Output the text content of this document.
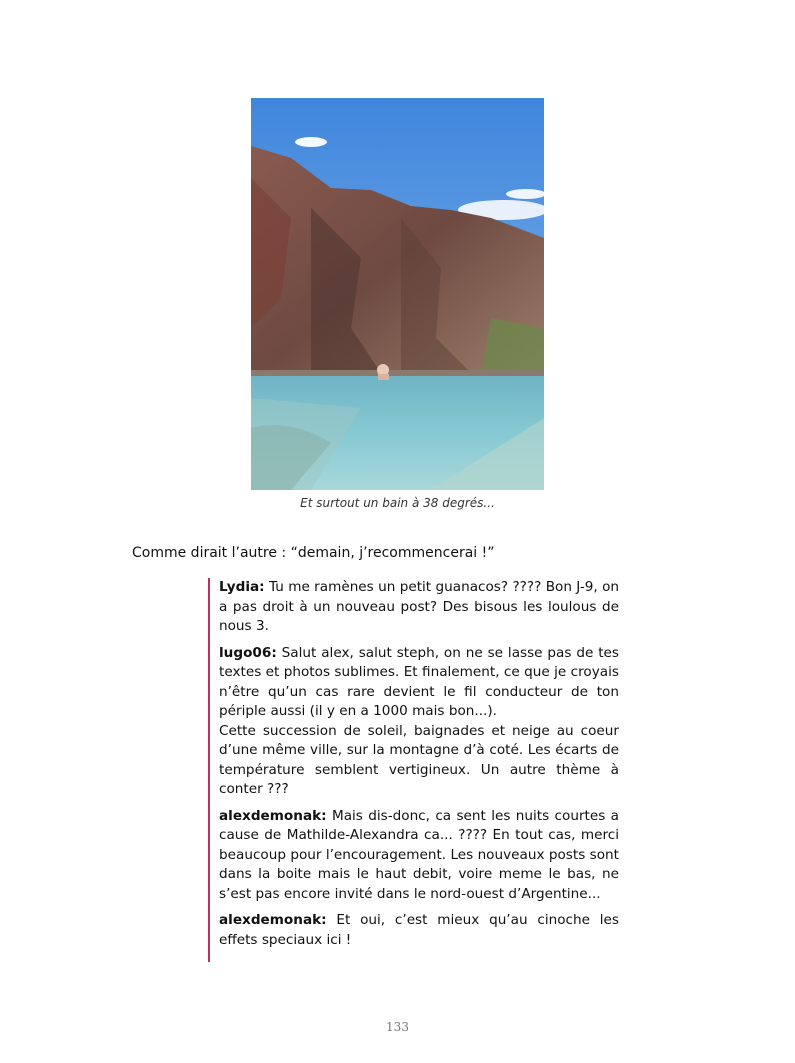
Et surtout un bain à 38 degrés...
Comme dirait l’autre : “demain, j’recommencerai !”

Lydia: Tu me ramènes un petit guanacos? ???? Bon J-9, on a pas droit à un nouveau post? Des bisous les loulous de nous 3.

lugo06: Salut alex, salut steph, on ne se lasse pas de tes textes et photos sublimes. Et finalement, ce que je croyais n’être qu’un cas rare devient le fil conducteur de ton périple aussi (il y en a 1000 mais bon...).

Cette succession de soleil, baignades et neige au coeur d’une même ville, sur la montagne d’à coté. Les écarts de température semblent vertigineux. Un autre thème à conter ???

alexdemonak: Mais dis-donc, ca sent les nuits courtes a cause de Mathilde-Alexandra ca... ???? En tout cas, merci beaucoup pour l’encouragement. Les nouveaux posts sont dans la boite mais le haut debit, voire meme le bas, ne s’est pas encore invité dans le nord-ouest d’Argentine...

alexdemonak: Et oui, c’est mieux qu’au cinoche les effets speciaux ici !

133
